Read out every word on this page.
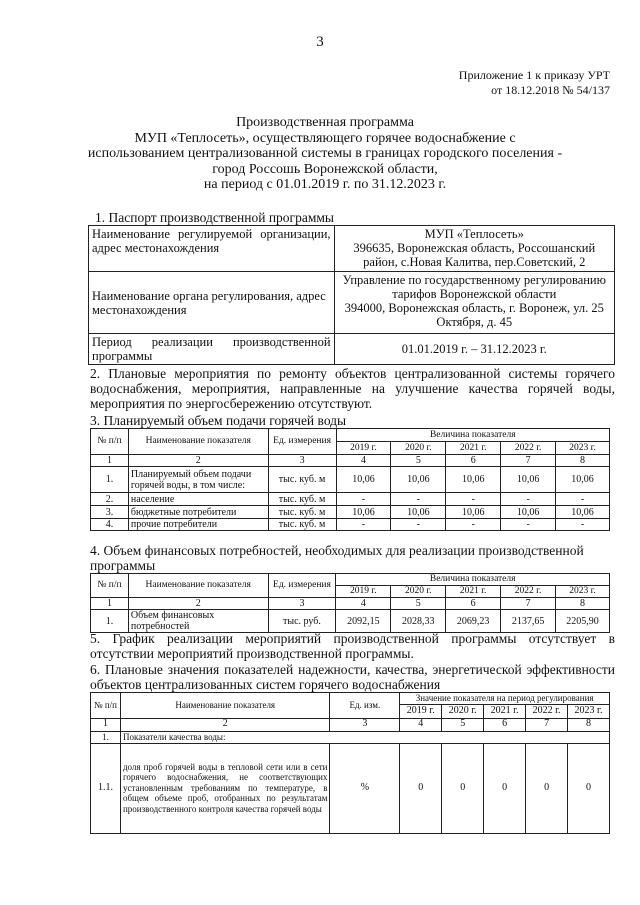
3
Приложение 1 к приказу УРТ
от 18.12.2018 № 54/137
Производственная программа
МУП «Теплосеть», осуществляющего горячее водоснабжение с
использованием централизованной системы в границах городского поселения -
город Россошь Воронежской области,
на период с 01.01.2019 г. по 31.12.2023 г.
1. Паспорт производственной программы
Наименование регулируемой организации, адрес местонахождения	МУП «Теплосеть»
396635, Воронежская область, Россошанский район, с.Новая Калитва, пер.Советский, 2

Наименование органа регулирования, адрес местонахождения	Управление по государственному регулированию тарифов Воронежской области
394000, Воронежская область, г. Воронеж, ул. 25 Октября, д. 45

Период реализации производственной программы	01.01.2019 г. – 31.12.2023 г.
2. Плановые мероприятия по ремонту объектов централизованной системы горячего водоснабжения, мероприятия, направленные на улучшение качества горячей воды, мероприятия по энергосбережению отсутствуют.
3. Планируемый объем подачи горячей воды
№ п/п	Наименование показателя	Ед. измерения	Величина показателя				
			2019 г.	2020 г.	2021 г.	2022 г.	2023 г.
1	2	3	4	5	6	7	8
1.	Планируемый объем подачи горячей воды, в том числе:	тыс. куб. м	10,06	10,06	10,06	10,06	10,06
2.	население	тыс. куб. м	-	-	-	-	-
3.	бюджетные потребители	тыс. куб. м	10,06	10,06	10,06	10,06	10,06
4.	прочие потребители	тыс. куб. м	-	-	-	-	-
4. Объем финансовых потребностей, необходимых для реализации производственной программы
№ п/п	Наименование показателя	Ед. измерения	Величина показателя				
			2019 г.	2020 г.	2021 г.	2022 г.	2023 г.
1	2	3	4	5	6	7	8
1.	Объем финансовых потребностей	тыс. руб.	2092,15	2028,33	2069,23	2137,65	2205,90
5. График реализации мероприятий производственной программы отсутствует в отсутствии мероприятий производственной программы.
6. Плановые значения показателей надежности, качества, энергетической эффективности объектов централизованных систем горячего водоснабжения
№ п/п	Наименование показателя	Ед. изм.	Значение показателя на период регулирования				
			2019 г.	2020 г.	2021 г.	2022 г.	2023 г.
1	2	3	4	5	6	7	8
1.	Показатели качества воды:						
1.1.	доля проб горячей воды в тепловой сети или в сети горячего водоснабжения, не соответствующих установленным требованиям по температуре, в общем объеме проб, отобранных по результатам производственного контроля качества горячей воды	%	0	0	0	0	0
